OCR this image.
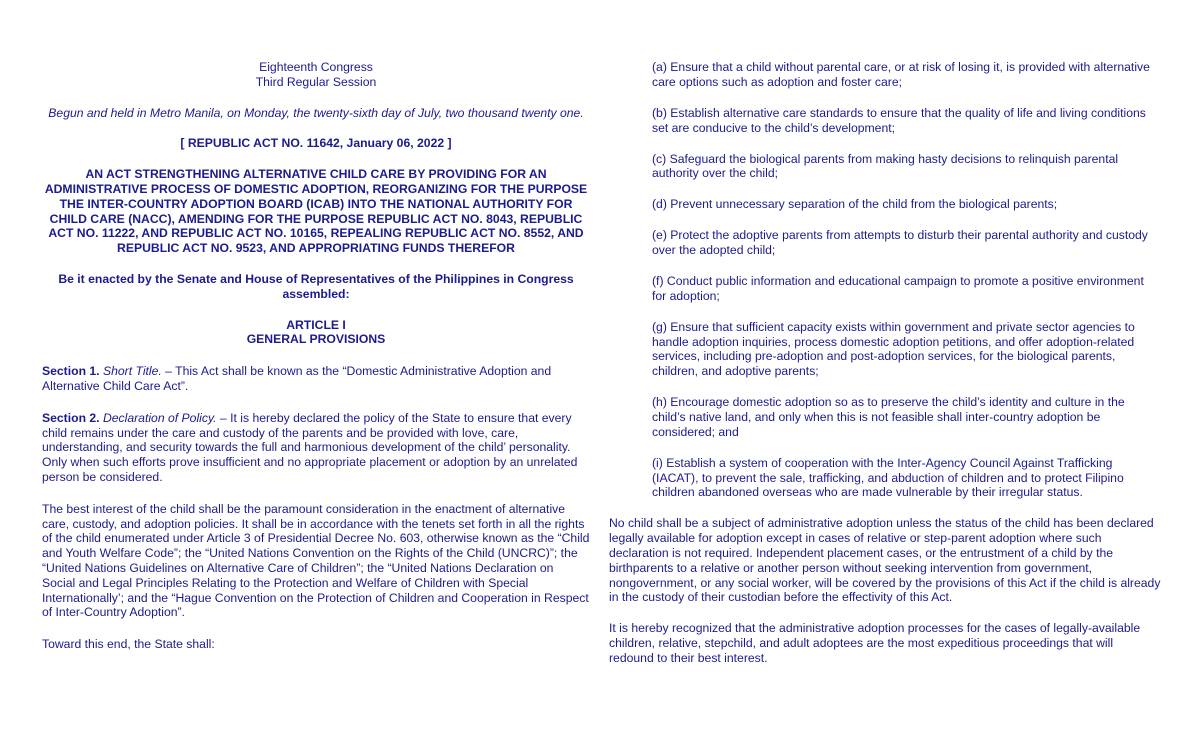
Eighteenth Congress

Third Regular Session

Begun and held in Metro Manila, on Monday, the twenty-sixth day of July, two thousand twenty one.

[ REPUBLIC ACT NO. 11642, January 06, 2022 ]

AN ACT STRENGTHENING ALTERNATIVE CHILD CARE BY PROVIDING FOR AN ADMINISTRATIVE PROCESS OF DOMESTIC ADOPTION, REORGANIZING FOR THE PURPOSE THE INTER-COUNTRY ADOPTION BOARD (ICAB) INTO THE NATIONAL AUTHORITY FOR CHILD CARE (NACC), AMENDING FOR THE PURPOSE REPUBLIC ACT NO. 8043, REPUBLIC ACT NO. 11222, AND REPUBLIC ACT NO. 10165, REPEALING REPUBLIC ACT NO. 8552, AND REPUBLIC ACT NO. 9523, AND APPROPRIATING FUNDS THEREFOR

Be it enacted by the Senate and House of Representatives of the Philippines in Congress assembled:

ARTICLE I

GENERAL PROVISIONS

Section 1. Short Title. – This Act shall be known as the “Domestic Administrative Adoption and Alternative Child Care Act”.

Section 2. Declaration of Policy. – It is hereby declared the policy of the State to ensure that every child remains under the care and custody of the parents and be provided with love, care, understanding, and security towards the full and harmonious development of the child’ personality. Only when such efforts prove insufficient and no appropriate placement or adoption by an unrelated person be considered.

The best interest of the child shall be the paramount consideration in the enactment of alternative care, custody, and adoption policies. It shall be in accordance with the tenets set forth in all the rights of the child enumerated under Article 3 of Presidential Decree No. 603, otherwise known as the “Child and Youth Welfare Code”; the “United Nations Convention on the Rights of the Child (UNCRC)”; the “United Nations Guidelines on Alternative Care of Children”; the “United Nations Declaration on Social and Legal Principles Relating to the Protection and Welfare of Children with Special Internationally’; and the “Hague Convention on the Protection of Children and Cooperation in Respect of Inter-Country Adoption”.

Toward this end, the State shall:

(a) Ensure that a child without parental care, or at risk of losing it, is provided with alternative care options such as adoption and foster care;

(b) Establish alternative care standards to ensure that the quality of life and living conditions set are conducive to the child’s development;

(c) Safeguard the biological parents from making hasty decisions to relinquish parental authority over the child;

(d) Prevent unnecessary separation of the child from the biological parents;

(e) Protect the adoptive parents from attempts to disturb their parental authority and custody over the adopted child;

(f) Conduct public information and educational campaign to promote a positive environment for adoption;

(g) Ensure that sufficient capacity exists within government and private sector agencies to handle adoption inquiries, process domestic adoption petitions, and offer adoption-related services, including pre-adoption and post-adoption services, for the biological parents, children, and adoptive parents;

(h) Encourage domestic adoption so as to preserve the child’s identity and culture in the child’s native land, and only when this is not feasible shall inter-country adoption be considered; and

(i) Establish a system of cooperation with the Inter-Agency Council Against Trafficking (IACAT), to prevent the sale, trafficking, and abduction of children and to protect Filipino children abandoned overseas who are made vulnerable by their irregular status.

No child shall be a subject of administrative adoption unless the status of the child has been declared legally available for adoption except in cases of relative or step-parent adoption where such declaration is not required. Independent placement cases, or the entrustment of a child by the birthparents to a relative or another person without seeking intervention from government, nongovernment, or any social worker, will be covered by the provisions of this Act if the child is already in the custody of their custodian before the effectivity of this Act.

It is hereby recognized that the administrative adoption processes for the cases of legally-available children, relative, stepchild, and adult adoptees are the most expeditious proceedings that will redound to their best interest.
